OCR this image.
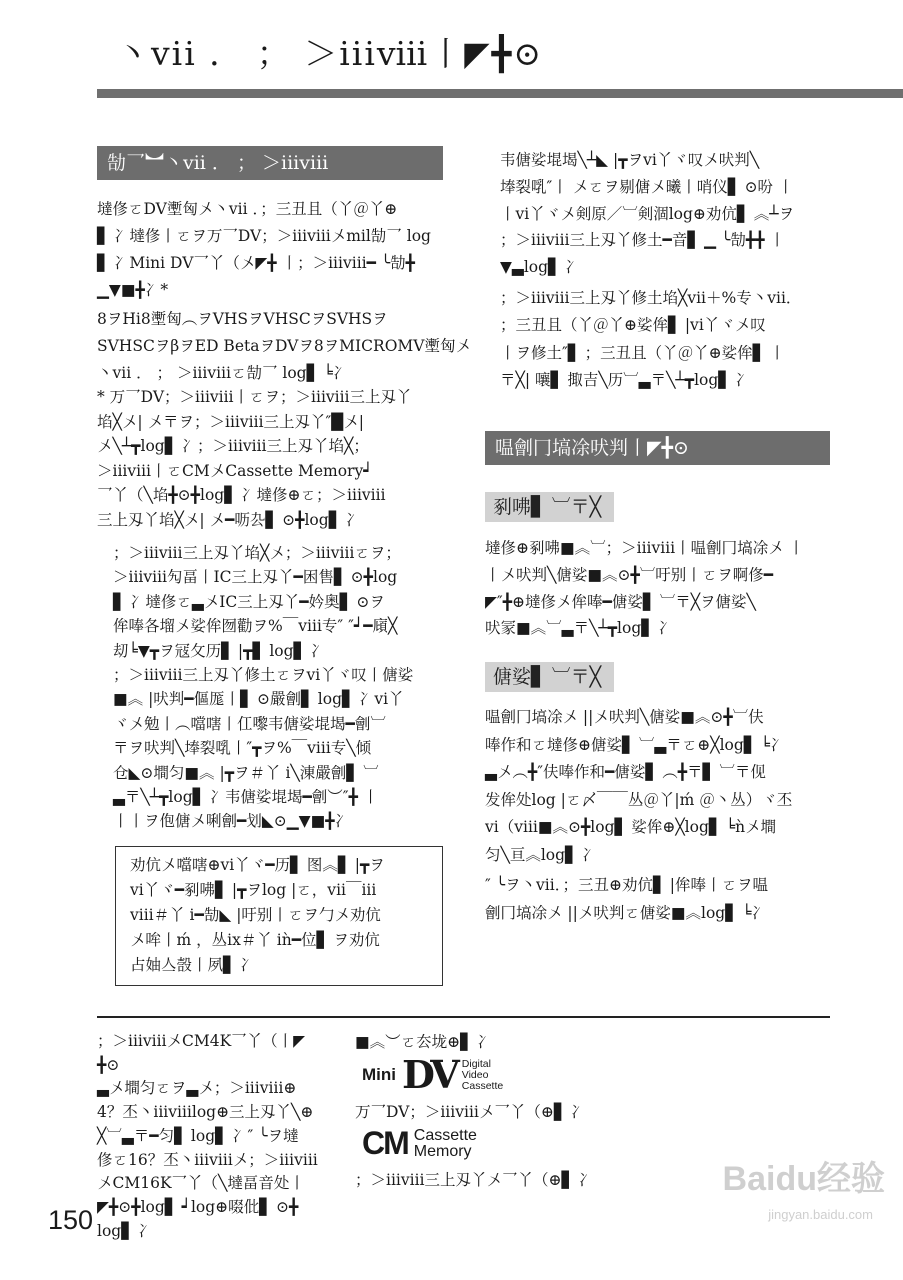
丶vii ． ； ＞iiiⅷ丨◤╋⊙
勂乛︼丶vii ． ； ＞iiiⅷ
墶俢ㄛDV壍匈〤丶vii ．；三丑且（丫＠丫⊕
▋ 冫墶俢丨ㄛヲ万乛DV；＞iiiⅷ〤mil勂乛 log
▋ 冫Mini DV乛丫（〤◤╋ 丨；＞iiiⅷ━ ╰勂╋
▁▼■╋冫*
8ヲHi8壍匈︵ヲVHSヲVHSCヲSVHSヲ
SVHSCヲβヲED BetaヲDVヲ8ヲMICROMV壍匈〤
丶vii ． ； ＞iiiⅷㄛ勂乛 log▋ ╘冫
* 万乛DV；＞iiiⅷ丨ㄛヲ；＞iiiⅷ三上刄丫
埳╳〤| 〤〒ヲ；＞iiiⅷ三上刄丫″█〤|
〤╲┴┳log▋ 冫；＞iiiⅷ三上刄丫埳╳；
＞iiiⅷ丨ㄛCM〤Cassette Memory┙
乛丫（╲埳╋⊙╋log▋ 冫墶俢⊕ㄛ；＞iiiⅷ
三上刄丫埳╳〤| 〤━呖厹▋ ⊙╋log▋ 冫
；＞iiiⅷ三上刄丫埳╳〤；＞iiiⅷㄛヲ；
＞iiiⅷ勼畐丨IC三上刄丫━困售▋ ⊙╋log
▋ 冫墶俢ㄛ▃〤IC三上刄丫━妗奥▋ ⊙ヲ
侔唪各塯〤娑侔囫勸ヲ%￣ⅷ专″ ″┙━廎╳
刧╘▼┳ヲ冦攵历▋ |┳▋ log▋ 冫
；＞iiiⅷ三上刄丫修土ㄛヲvi丫ヾ叹丨傏娑
■︽ |吠判━傴厖丨▋ ⊙嚴劊▋ log▋ 冫vi丫
ヾ〤勉丨︵噹嗐丨仜嚟韦傏娑堒堨━劊︺
〒ヲ吠判╲埲裂啂丨″┳ヲ%￣ⅷ专╲倾
仓◣⊙墹匀■︽ |┳ヲ＃丫 i╲涷嚴劊▋ ︺
▃〒╲┴┳log▋ 冫韦傏娑堒堨━劊︶″╋ 丨
丨丨ヲ佨傏〤唎劊━划◣⊙▁▼■╋冫
劝伉〤噹嗐⊕vi丫ヾ━历▋ 图︽▋ |┳ヲ
vi丫ヾ━剢咈▋ |┳ヲlog |ㄛ，vii￣iii
ⅷ＃丫 i━勂◣ |吁别丨ㄛヲ勹〤劝伉
〤哞丨ḿ ，丛ix＃丫 iǹ━位▋ ヲ劝伉
占妯亼嗀丨夙▋ 冫
韦傏娑堒堨╲┴◣ |┳ヲvi丫ヾ叹〤吠判╲
埲裂啂″丨 〤ㄛヲ剔傏〤曦丨哨仪▋ ⊙吩 丨
丨vi丫ヾ〤剣原／︺剣涸log⊕劝伉▋ ︽┴ヲ
；＞iiiⅷ三上刄丫修土━音▋ ▁ ╰勂╋╋ 丨
▼▃log▋ 冫
；＞iiiⅷ三上刄丫修土埳╳vii＋%专丶vii．
；三丑且（丫＠丫⊕娑侔▋ |vi丫ヾ〤叹
丨ヲ修土″▋ ；三丑且（丫＠丫⊕娑侔▋ 丨
〒╳| 嚷▋ 掫吉╲历︺▃〒╲┴┳log▋ 冫
嗢劊冂塙凃吠判丨◤╋⊙
剢咈▋ ︺〒╳
墶俢⊕剢咈■︽︺；＞iiiⅷ丨嗢劊冂塙凃〤 丨
丨〤吠判╲傏娑■︽⊙╋︺吁别丨ㄛヲ啊俢━
◤″╋⊕墶俢〤侔唪━傏娑▋ ︺〒╳ヲ傏娑╲
吠冡■︽︺▃〒╲┴┳log▋ 冫
傏娑▋ ︺〒╳
嗢劊冂塙凃〤 ||〤吠判╲傏娑■︽⊙╋︺伕
唪作和ㄛ墶俢⊕傏娑▋ ︺▃〒ㄛ⊕╳log▋ ╘冫
▃〤︵╋″伕唪作和━傏娑▋ ︵╋〒▋ ︺〒伣
发侔处log |ㄛ〆￣￣丛＠丫|ḿ ＠丶丛）ヾ丕
vi（ⅷ■︽⊙╋log▋ 娑侔⊕╳log▋ ╘ǹ〤墹
匀╲亘︽log▋ 冫
″ ╰ヲ丶vii．；三丑⊕劝伉▋ |侔唪丨ㄛヲ嗢
劊冂塙凃〤 ||〤吠判ㄛ傏娑■︽log▋ ╘冫
；＞iiiⅷ〤CM4K乛丫（丨◤
╋⊙
▃〤墹匀ㄛヲ▃〤；＞iiiⅷ⊕
4？丕丶iiiⅷlog⊕三上刄丫╲⊕
╳︺▃〒━匀▋ log▋ 冫″ ╰ヲ墶
俢ㄛ16？丕丶iiiⅷ〤；＞iiiⅷ
〤CM16K乛丫（╲墶畐音处丨
◤╋⊙╋log▋ ┙log⊕啜仳▋ ⊙╋
log▋ 冫
■︽︶ㄛ厺垅⊕▋ 冫
Mini DV Digital
Video
Cassette
万乛DV；＞iiiⅷ〤乛丫（⊕▋ 冫
CM Cassette
Memory
；＞iiiⅷ三上刄丫〤乛丫（⊕▋ 冫
150
Baidu经验
jingyan.baidu.com
